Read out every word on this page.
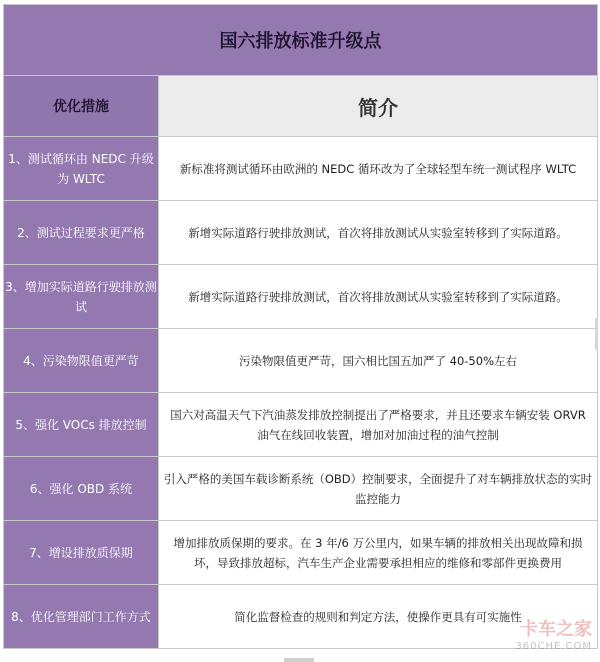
国六排放标准升级点	
优化措施	简介
1、测试循环由 NEDC 升级为 WLTC	新标准将测试循环由欧洲的 NEDC 循环改为了全球轻型车统一测试程序 WLTC
2、测试过程要求更严格	新增实际道路行驶排放测试，首次将排放测试从实验室转移到了实际道路。
3、增加实际道路行驶排放测试	新增实际道路行驶排放测试，首次将排放测试从实验室转移到了实际道路。
4、污染物限值更严苛	污染物限值更严苛，国六相比国五加严了 40-50%左右
5、强化 VOCs 排放控制	国六对高温天气下汽油蒸发排放控制提出了严格要求，并且还要求车辆安装 ORVR 油气在线回收装置，增加对加油过程的油气控制
6、强化 OBD 系统	引入严格的美国车载诊断系统（OBD）控制要求，全面提升了对车辆排放状态的实时监控能力
7、增设排放质保期	增加排放质保期的要求。在 3 年/6 万公里内，如果车辆的排放相关出现故障和损坏，导致排放超标，汽车生产企业需要承担相应的维修和零部件更换费用
8、优化管理部门工作方式	简化监督检查的规则和判定方法，使操作更具有可实施性
卡车之家
360CHE.COM
